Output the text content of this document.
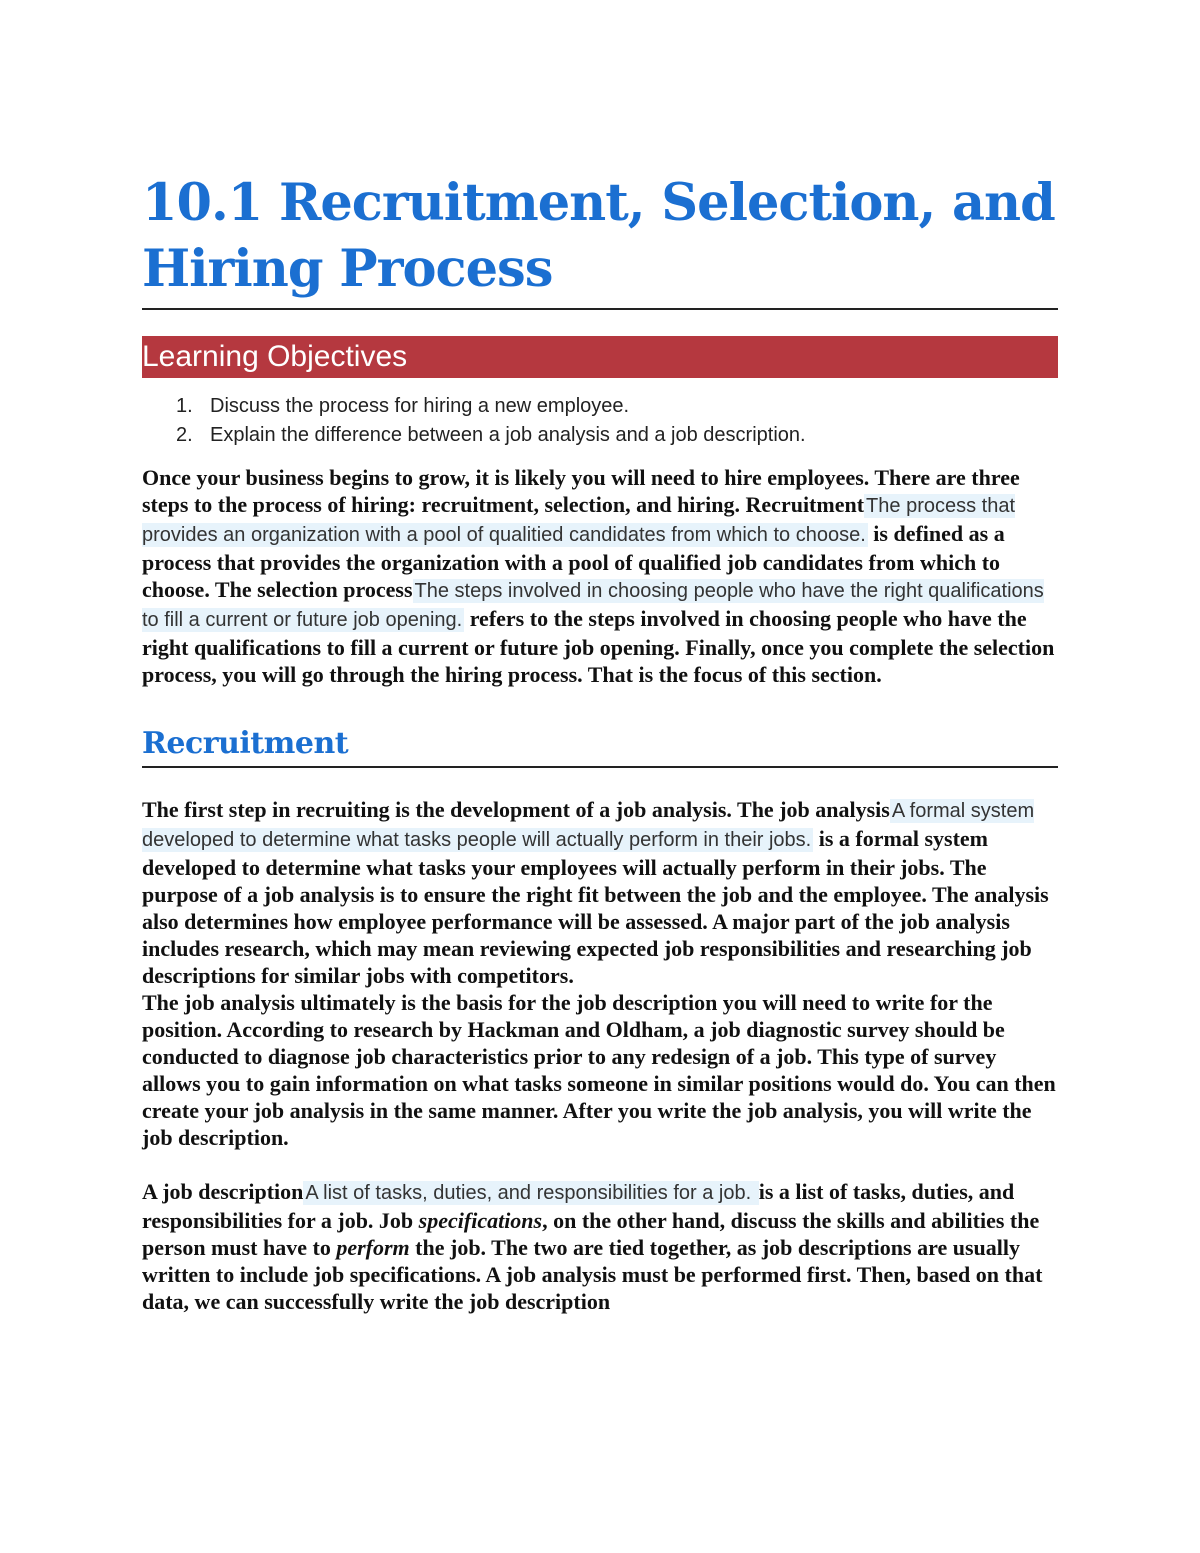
10.1 Recruitment, Selection, and Hiring Process
Learning Objectives
1. Discuss the process for hiring a new employee.
2. Explain the difference between a job analysis and a job description.

Once your business begins to grow, it is likely you will need to hire employees. There are three steps to the process of hiring: recruitment, selection, and hiring. Recruitment The process that provides an organization with a pool of qualitied candidates from which to choose. is defined as a process that provides the organization with a pool of qualified job candidates from which to choose. The selection process The steps involved in choosing people who have the right qualifications to fill a current or future job opening. refers to the steps involved in choosing people who have the right qualifications to fill a current or future job opening. Finally, once you complete the selection process, you will go through the hiring process. That is the focus of this section.

Recruitment

The first step in recruiting is the development of a job analysis. The job analysis A formal system developed to determine what tasks people will actually perform in their jobs. is a formal system developed to determine what tasks your employees will actually perform in their jobs. The purpose of a job analysis is to ensure the right fit between the job and the employee. The analysis also determines how employee performance will be assessed. A major part of the job analysis includes research, which may mean reviewing expected job responsibilities and researching job descriptions for similar jobs with competitors.

The job analysis ultimately is the basis for the job description you will need to write for the position. According to research by Hackman and Oldham, a job diagnostic survey should be conducted to diagnose job characteristics prior to any redesign of a job. This type of survey allows you to gain information on what tasks someone in similar positions would do. You can then create your job analysis in the same manner. After you write the job analysis, you will write the job description.

A job description A list of tasks, duties, and responsibilities for a job. is a list of tasks, duties, and responsibilities for a job. Job specifications, on the other hand, discuss the skills and abilities the person must have to perform the job. The two are tied together, as job descriptions are usually written to include job specifications. A job analysis must be performed first. Then, based on that data, we can successfully write the job description
